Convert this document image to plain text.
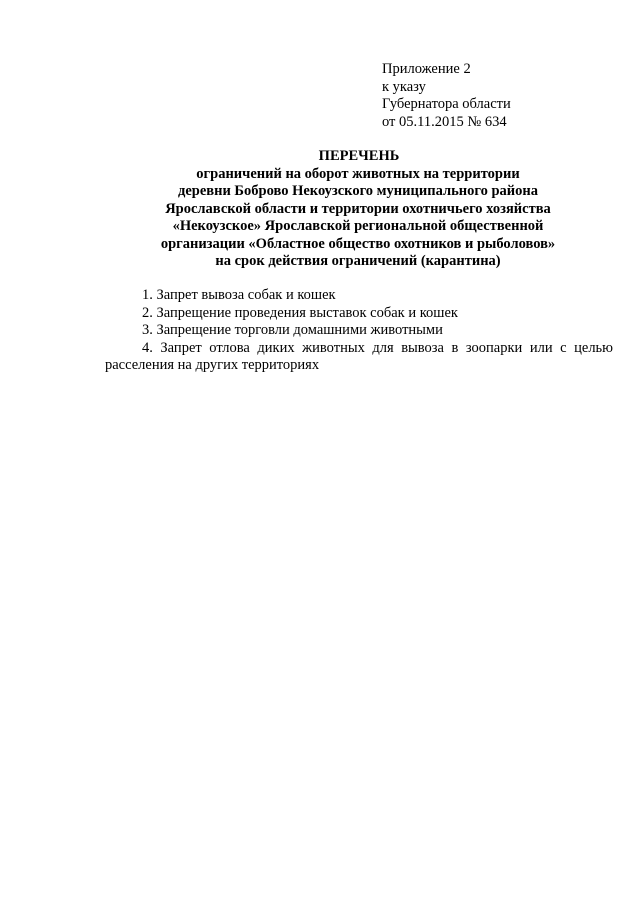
Приложение 2
к указу
Губернатора области
от 05.11.2015 № 634
ПЕРЕЧЕНЬ
ограничений на оборот животных на территории
деревни Боброво Некоузского муниципального района
Ярославской области и территории охотничьего хозяйства
«Некоузское» Ярославской региональной общественной
организации «Областное общество охотников и рыболовов»
на срок действия ограничений (карантина)

1. Запрет вывоза собак и кошек

2. Запрещение проведения выставок собак и кошек

3. Запрещение торговли домашними животными

4. Запрет отлова диких животных для вывоза в зоопарки или с целью расселения на других территориях
